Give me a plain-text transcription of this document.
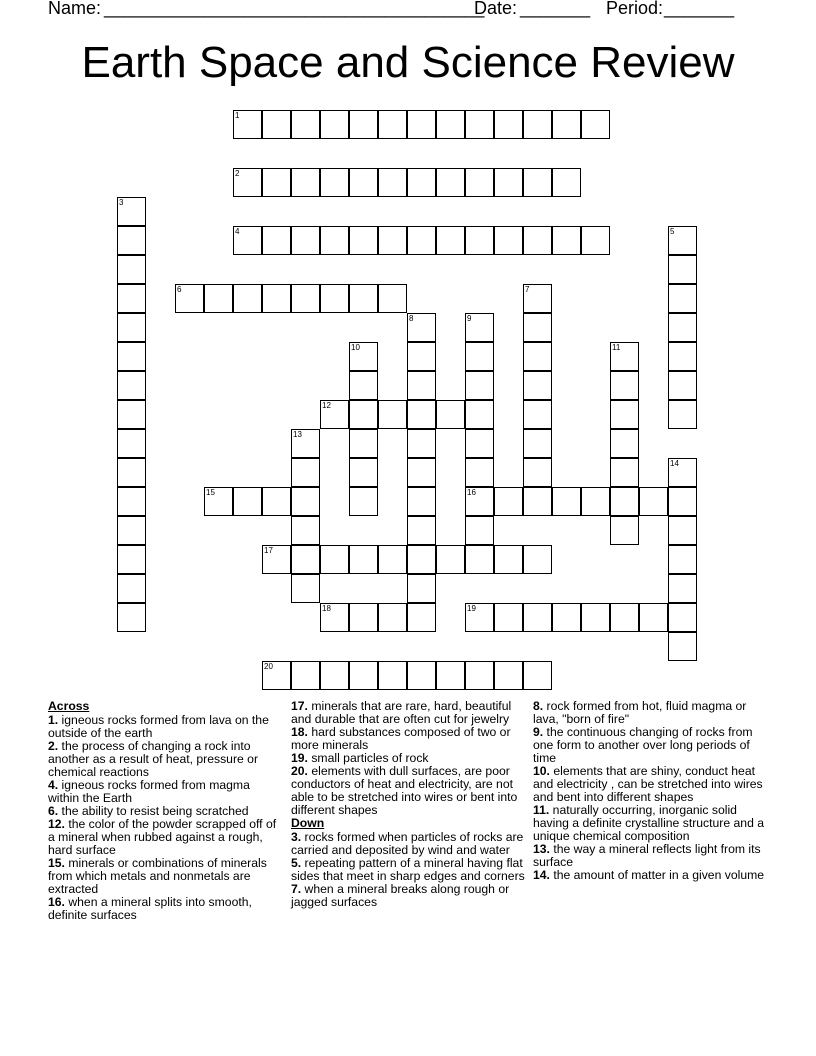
Name: ______________________________________
Date: _______ Period: _______
Earth Space and Science Review
1
2
3
4	5
6	7
8	9
16
10	11
12
13
14
15
17
18	19
20
Across
1. igneous rocks formed from lava on the outside of the earth
2. the process of changing a rock into another as a result of heat, pressure or chemical reactions
4. igneous rocks formed from magma within the Earth
6. the ability to resist being scratched
12. the color of the powder scrapped off of a mineral when rubbed against a rough, hard surface
15. minerals or combinations of minerals from which metals and nonmetals are extracted
16. when a mineral splits into smooth, definite surfaces
17. minerals that are rare, hard, beautiful and durable that are often cut for jewelry
18. hard substances composed of two or more minerals
19. small particles of rock
20. elements with dull surfaces, are poor conductors of heat and electricity, are not able to be stretched into wires or bent into different shapes
Down
3. rocks formed when particles of rocks are carried and deposited by wind and water
5. repeating pattern of a mineral having flat sides that meet in sharp edges and corners
7. when a mineral breaks along rough or jagged surfaces
8. rock formed from hot, fluid magma or lava, "born of fire"
9. the continuous changing of rocks from one form to another over long periods of time
10. elements that are shiny, conduct heat and electricity , can be stretched into wires and bent into different shapes
11. naturally occurring, inorganic solid having a definite crystalline structure and a unique chemical composition
13. the way a mineral reflects light from its surface
14. the amount of matter in a given volume
